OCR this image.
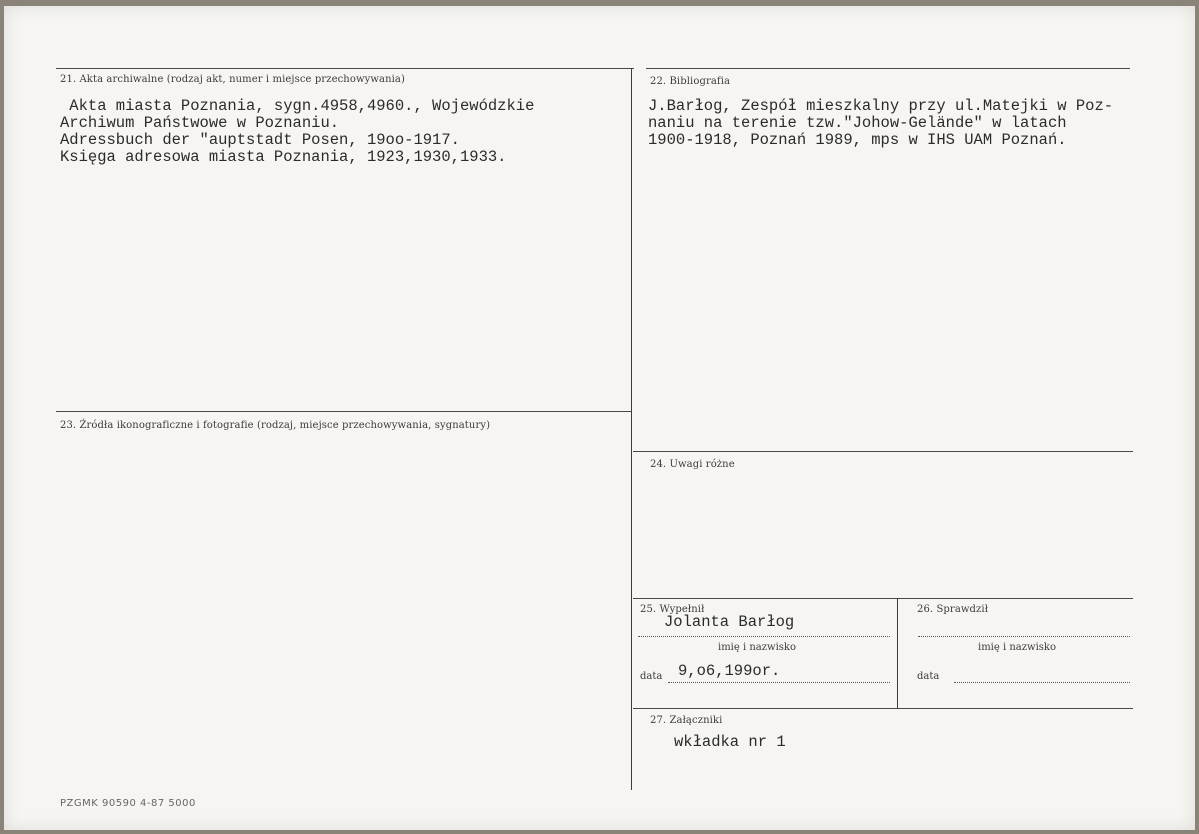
21. Akta archiwalne (rodzaj akt, numer i miejsce przechowywania)
Akta miasta Poznania, sygn.4958,4960., Wojewódzkie
Archiwum Państwowe w Poznaniu.
Adressbuch der "auptstadt Posen, 19oo-1917.
Księga adresowa miasta Poznania, 1923,1930,1933.
22. Bibliografia
J.Barłog, Zespół mieszkalny przy ul.Matejki w Poz-
naniu na terenie tzw."Johow-Gelände" w latach
1900-1918, Poznań 1989, mps w IHS UAM Poznań.
23. Źródła ikonograficzne i fotografie (rodzaj, miejsce przechowywania, sygnatury)
24. Uwagi różne
25. Wypełnił
Jolanta Barłog
imię i nazwisko
data 9,o6,199or.
26. Sprawdził
imię i nazwisko
data
27. Załączniki
wkładka nr 1
PZGMK 90590 4-87 5000
